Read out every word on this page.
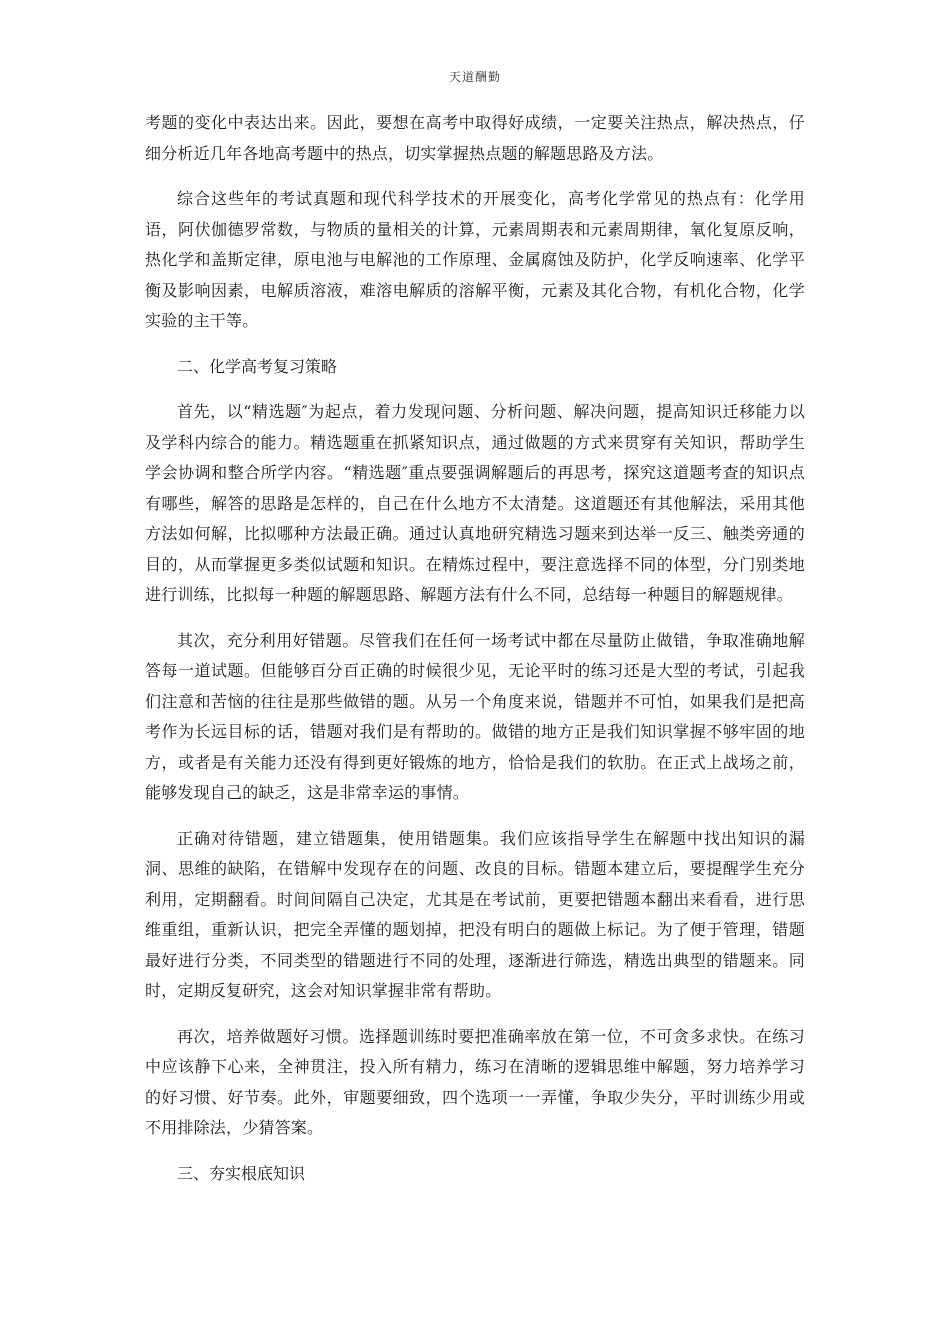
天道酬勤

考题的变化中表达出来。因此，要想在高考中取得好成绩，一定要关注热点，解决热点，仔细分析近几年各地高考题中的热点，切实掌握热点题的解题思路及方法。

综合这些年的考试真题和现代科学技术的开展变化，高考化学常见的热点有：化学用语，阿伏伽德罗常数，与物质的量相关的计算，元素周期表和元素周期律，氧化复原反响，热化学和盖斯定律，原电池与电解池的工作原理、金属腐蚀及防护，化学反响速率、化学平衡及影响因素，电解质溶液，难溶电解质的溶解平衡，元素及其化合物，有机化合物，化学实验的主干等。

二、化学高考复习策略

首先，以“精选题″为起点，着力发现问题、分析问题、解决问题，提高知识迁移能力以及学科内综合的能力。精选题重在抓紧知识点，通过做题的方式来贯穿有关知识，帮助学生学会协调和整合所学内容。“精选题″重点要强调解题后的再思考，探究这道题考查的知识点有哪些，解答的思路是怎样的，自己在什么地方不太清楚。这道题还有其他解法，采用其他方法如何解，比拟哪种方法最正确。通过认真地研究精选习题来到达举一反三、触类旁通的目的，从而掌握更多类似试题和知识。在精炼过程中，要注意选择不同的体型，分门别类地进行训练，比拟每一种题的解题思路、解题方法有什么不同，总结每一种题目的解题规律。

其次，充分利用好错题。尽管我们在任何一场考试中都在尽量防止做错，争取准确地解答每一道试题。但能够百分百正确的时候很少见，无论平时的练习还是大型的考试，引起我们注意和苦恼的往往是那些做错的题。从另一个角度来说，错题并不可怕，如果我们是把高考作为长远目标的话，错题对我们是有帮助的。做错的地方正是我们知识掌握不够牢固的地方，或者是有关能力还没有得到更好锻炼的地方，恰恰是我们的软肋。在正式上战场之前，能够发现自己的缺乏，这是非常幸运的事情。

正确对待错题，建立错题集，使用错题集。我们应该指导学生在解题中找出知识的漏洞、思维的缺陷，在错解中发现存在的问题、改良的目标。错题本建立后，要提醒学生充分利用，定期翻看。时间间隔自己决定，尤其是在考试前，更要把错题本翻出来看看，进行思维重组，重新认识，把完全弄懂的题划掉，把没有明白的题做上标记。为了便于管理，错题最好进行分类，不同类型的错题进行不同的处理，逐渐进行筛选，精选出典型的错题来。同时，定期反复研究，这会对知识掌握非常有帮助。

再次，培养做题好习惯。选择题训练时要把准确率放在第一位，不可贪多求快。在练习中应该静下心来，全神贯注，投入所有精力，练习在清晰的逻辑思维中解题，努力培养学习的好习惯、好节奏。此外，审题要细致，四个选项一一弄懂，争取少失分，平时训练少用或不用排除法，少猜答案。

三、夯实根底知识
